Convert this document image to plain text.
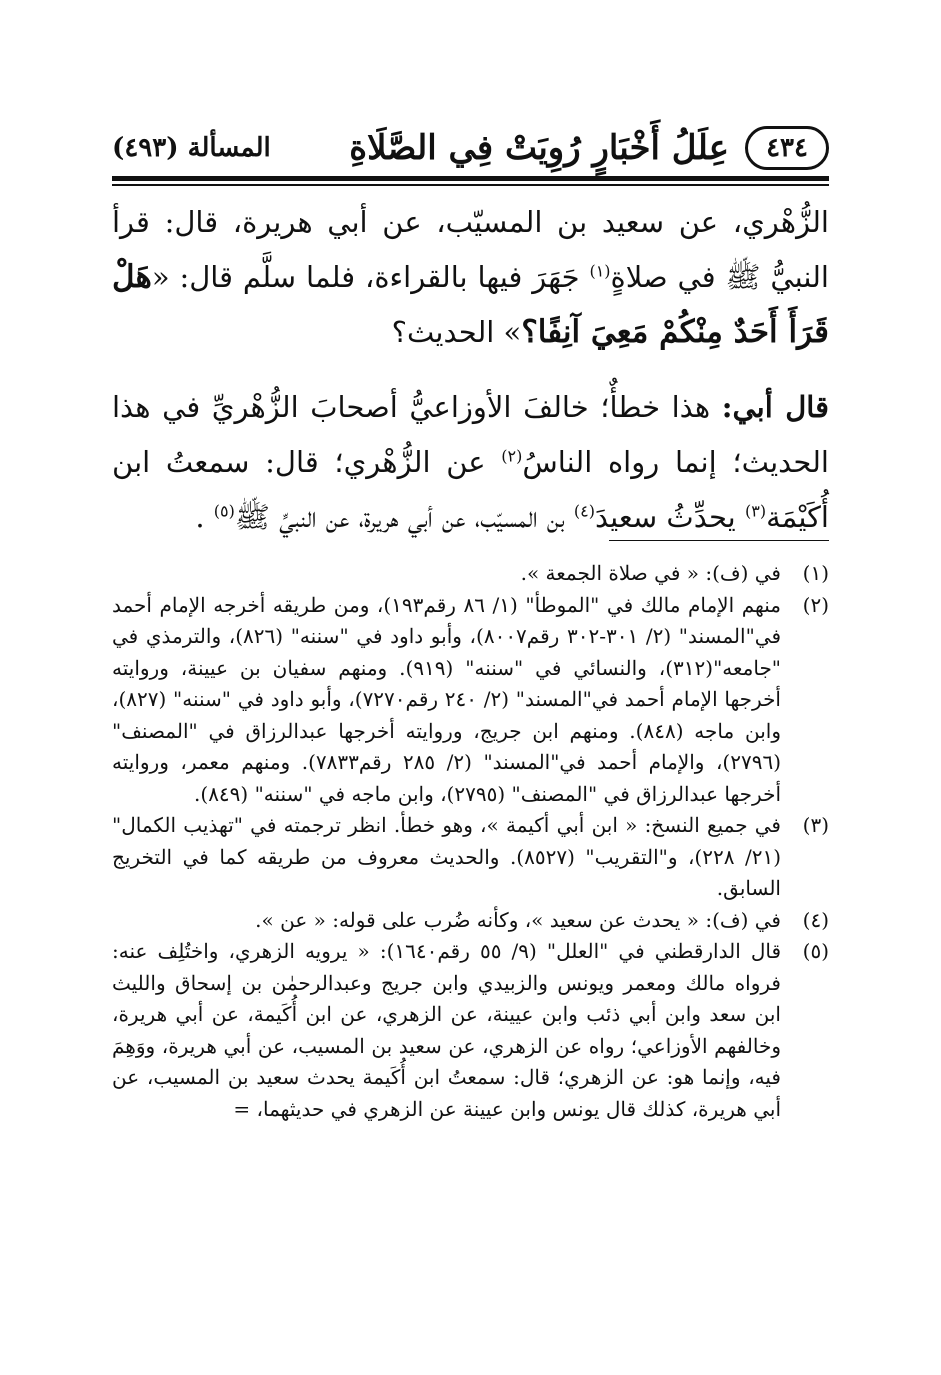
٤٣٤
عِلَلُ أَخْبَارٍ رُوِيَتْ فِي الصَّلَاةِ
المسألة (٤٩٣)

الزُّهْري، عن سعيد بن المسيّب، عن أبي هريرة، قال: قرأ النبيُّ ﷺ في صلاةٍ$^{(١)}$ جَهَرَ فيها بالقراءة، فلما سلَّم قال: «هَلْ قَرَأَ أَحَدٌ مِنْكُمْ مَعِيَ آنِفًا؟» الحديث؟

قال أبي: هذا خطأٌ؛ خالفَ الأوزاعيُّ أصحابَ الزُّهْريِّ في هذا الحديث؛ إنما رواه الناسُ$^{(٢)}$ عن الزُّهْري؛ قال: سمعتُ ابن أُكَيْمَة$^{(٣)}$ يحدِّثُ سعيدَ$^{(٤)}$ بن المسيّب، عن أبي هريرة، عن النبيِّ ﷺ$^{(٥)}$ .

(١)
في (ف): « في صلاة الجمعة ».
(٢)
منهم الإمام مالك في "الموطأ" (١/ ٨٦ رقم١٩٣)، ومن طريقه أخرجه الإمام أحمد في"المسند" (٢/ ٣٠١-٣٠٢ رقم٨٠٠٧)، وأبو داود في "سننه" (٨٢٦)، والترمذي في "جامعه"(٣١٢)، والنسائي في "سننه" (٩١٩). ومنهم سفيان بن عيينة، وروايته أخرجها الإمام أحمد في"المسند" (٢/ ٢٤٠ رقم٧٢٧٠)، وأبو داود في "سننه" (٨٢٧)، وابن ماجه (٨٤٨). ومنهم ابن جريج، وروايته أخرجها عبدالرزاق في "المصنف" (٢٧٩٦)، والإمام أحمد في"المسند" (٢/ ٢٨٥ رقم٧٨٣٣). ومنهم معمر، وروايته أخرجها عبدالرزاق في "المصنف" (٢٧٩٥)، وابن ماجه في "سننه" (٨٤٩).
(٣)
في جميع النسخ: « ابن أبي أكيمة »، وهو خطأ. انظر ترجمته في "تهذيب الكمال" (٢١/ ٢٢٨)، و"التقريب" (٨٥٢٧). والحديث معروف من طريقه كما في التخريج السابق.
(٤)
في (ف): « يحدث عن سعيد »، وكأنه ضُرب على قوله: « عن ».
(٥)
قال الدارقطني في "العلل" (٩/ ٥٥ رقم١٦٤٠): « يرويه الزهري، واختُلِف عنه: فرواه مالك ومعمر ويونس والزبيدي وابن جريج وعبدالرحمٰن بن إسحاق والليث ابن سعد وابن أبي ذئب وابن عيينة، عن الزهري، عن ابن أُكَيمة، عن أبي هريرة، وخالفهم الأوزاعي؛ رواه عن الزهري، عن سعيد بن المسيب، عن أبي هريرة، ووَهِمَ فيه، وإنما هو: عن الزهري؛ قال: سمعتُ ابن أُكَيمة يحدث سعيد بن المسيب، عن أبي هريرة، كذلك قال يونس وابن عيينة عن الزهري في حديثهما، =
